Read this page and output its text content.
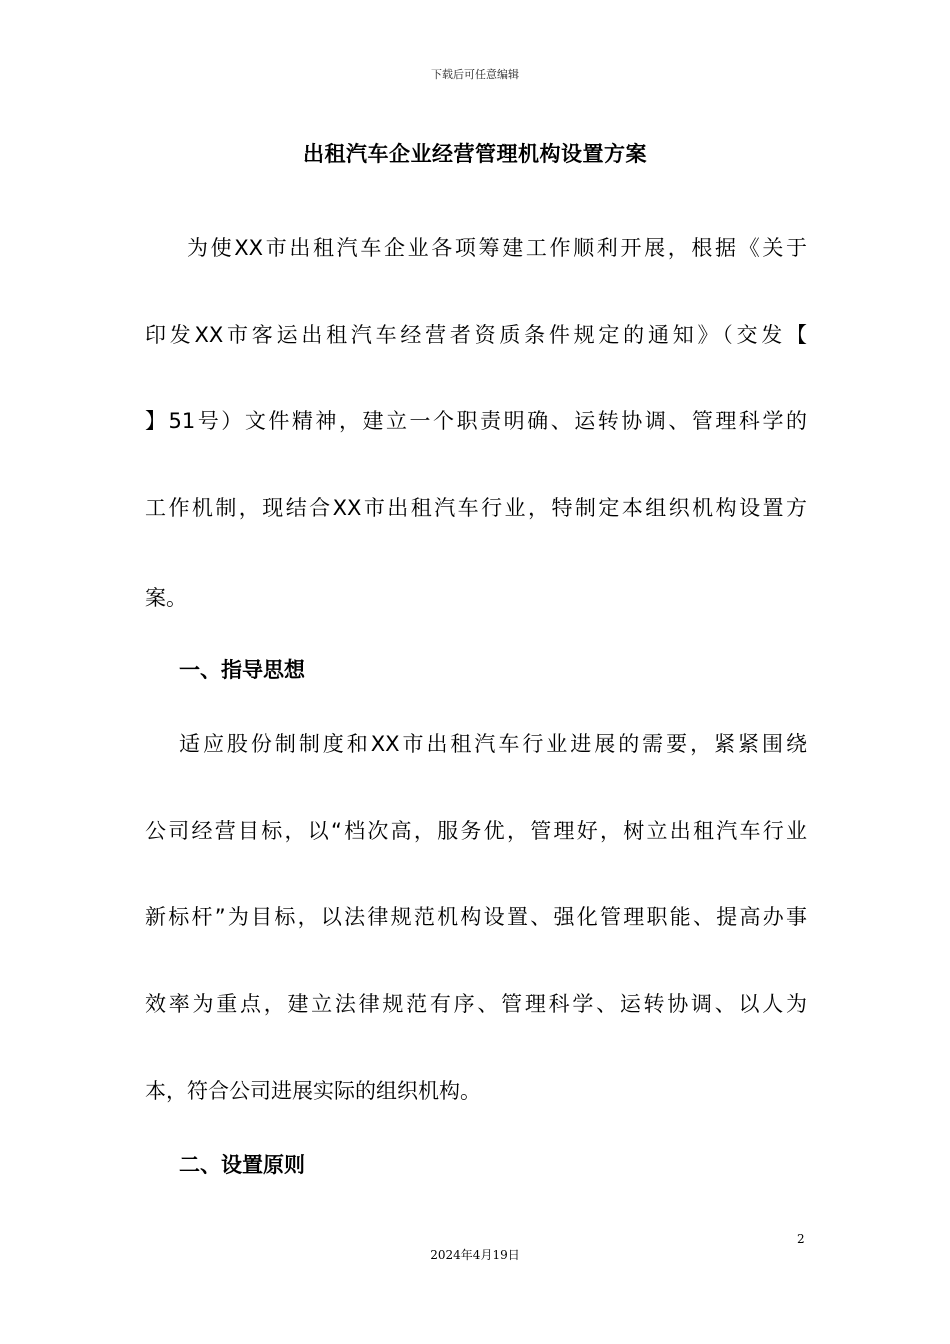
下载后可任意编辑
出租汽车企业经营管理机构设置方案
为使XX市出租汽车企业各项筹建工作顺利开展，根据《关于
印发XX市客运出租汽车经营者资质条件规定的通知》（交发【
】51号）文件精神，建立一个职责明确、运转协调、管理科学的
工作机制，现结合XX市出租汽车行业，特制定本组织机构设置方
案。
一、指导思想
适应股份制制度和XX市出租汽车行业进展的需要，紧紧围绕
公司经营目标，以“档次高，服务优，管理好，树立出租汽车行业
新标杆”为目标，以法律规范机构设置、强化管理职能、提高办事
效率为重点，建立法律规范有序、管理科学、运转协调、以人为
本，符合公司进展实际的组织机构。
二、设置原则
2
2024年4月19日
